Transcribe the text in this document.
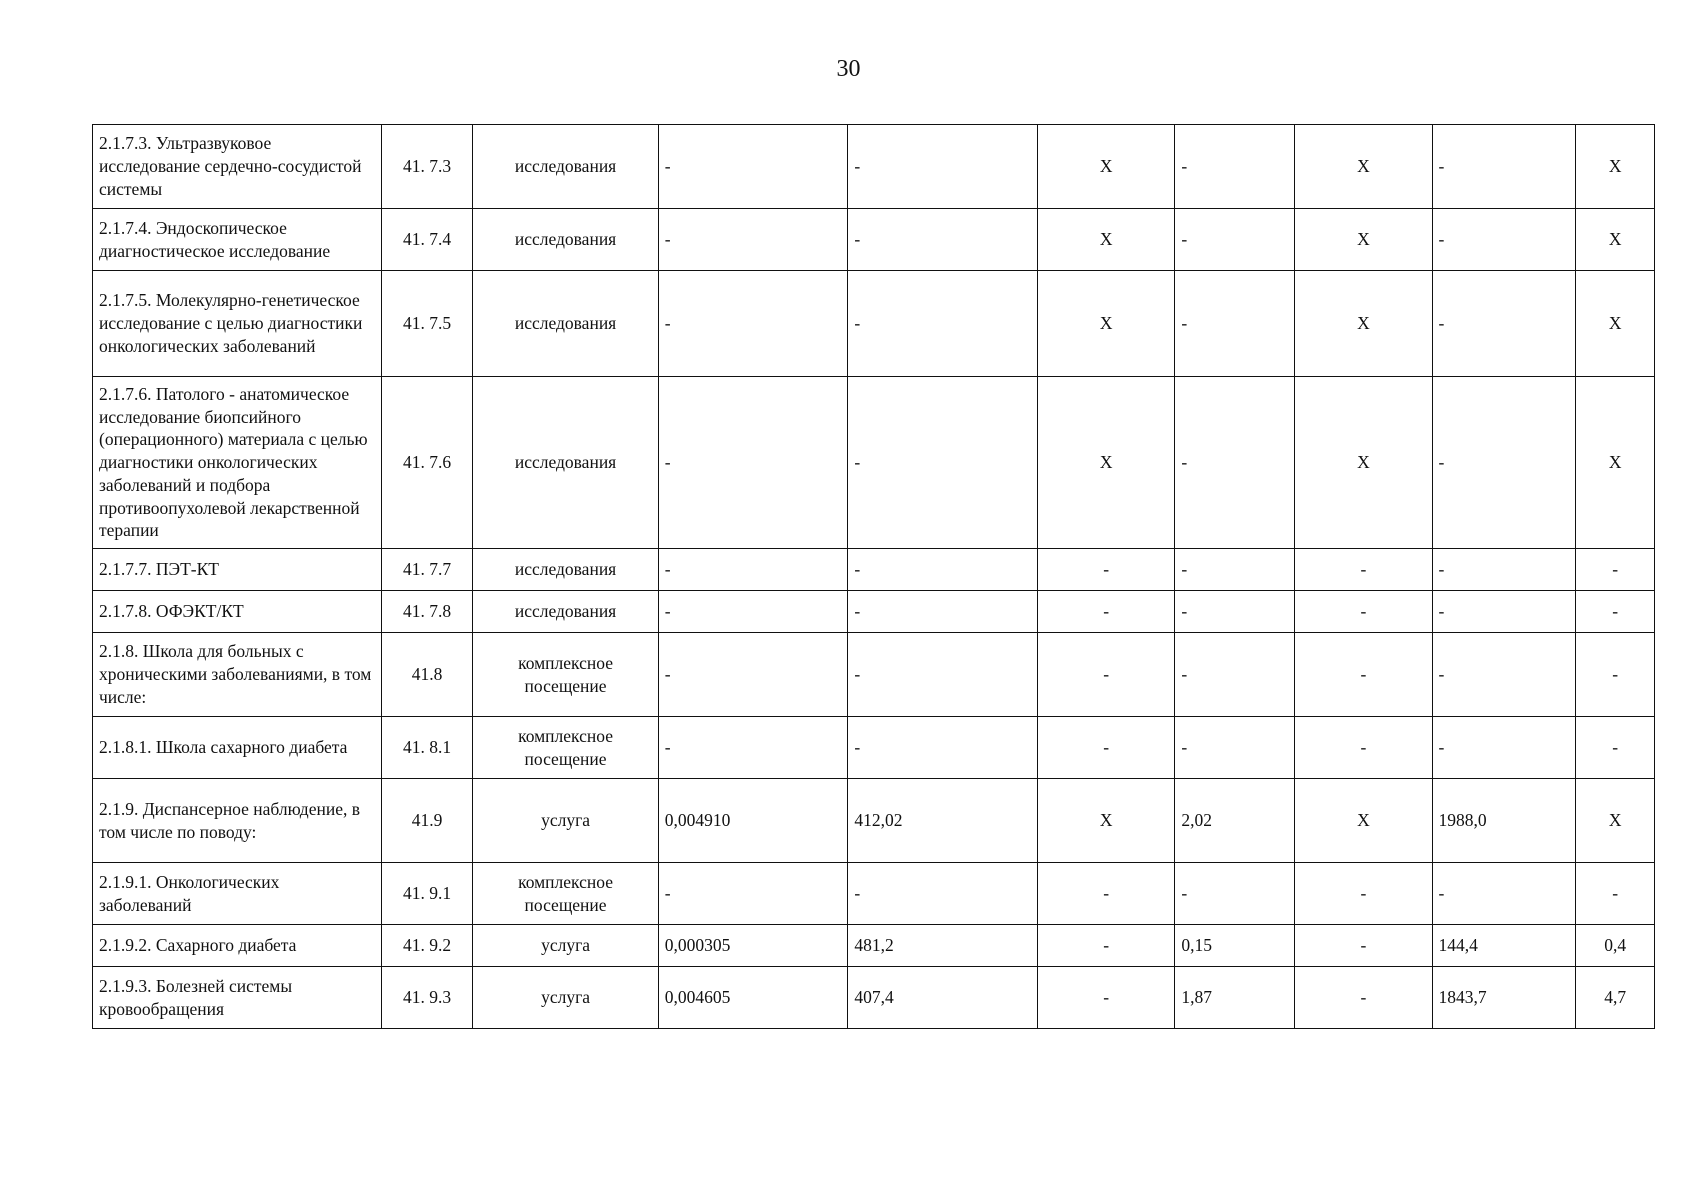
30
2.1.7.3. Ультразвуковое исследование сердечно-сосудистой системы	41. 7.3	исследования	-	-	Х	-	Х	-	Х
2.1.7.4. Эндоскопическое диагностическое исследование	41. 7.4	исследования	-	-	Х	-	Х	-	Х
2.1.7.5. Молекулярно-генетическое исследование с целью диагностики онкологических заболеваний	41. 7.5	исследования	-	-	Х	-	Х	-	Х
2.1.7.6. Патолого - анатомическое исследование биопсийного (операционного) материала с целью диагностики онкологических заболеваний и подбора противоопухолевой лекарственной терапии	41. 7.6	исследования	-	-	Х	-	Х	-	Х
2.1.7.7. ПЭТ-КТ	41. 7.7	исследования	-	-	-	-	-	-	-
2.1.7.8. ОФЭКТ/КТ	41. 7.8	исследования	-	-	-	-	-	-	-
2.1.8. Школа для больных с хроническими заболеваниями, в том числе:	41.8	комплексное посещение	-	-	-	-	-	-	-
2.1.8.1. Школа сахарного диабета	41. 8.1	комплексное посещение	-	-	-	-	-	-	-
2.1.9. Диспансерное наблюдение, в том числе по поводу:	41.9	услуга	0,004910	412,02	Х	2,02	Х	1988,0	Х
2.1.9.1. Онкологических заболеваний	41. 9.1	комплексное посещение	-	-	-	-	-	-	-
2.1.9.2. Сахарного диабета	41. 9.2	услуга	0,000305	481,2	-	0,15	-	144,4	0,4
2.1.9.3. Болезней системы кровообращения	41. 9.3	услуга	0,004605	407,4	-	1,87	-	1843,7	4,7
